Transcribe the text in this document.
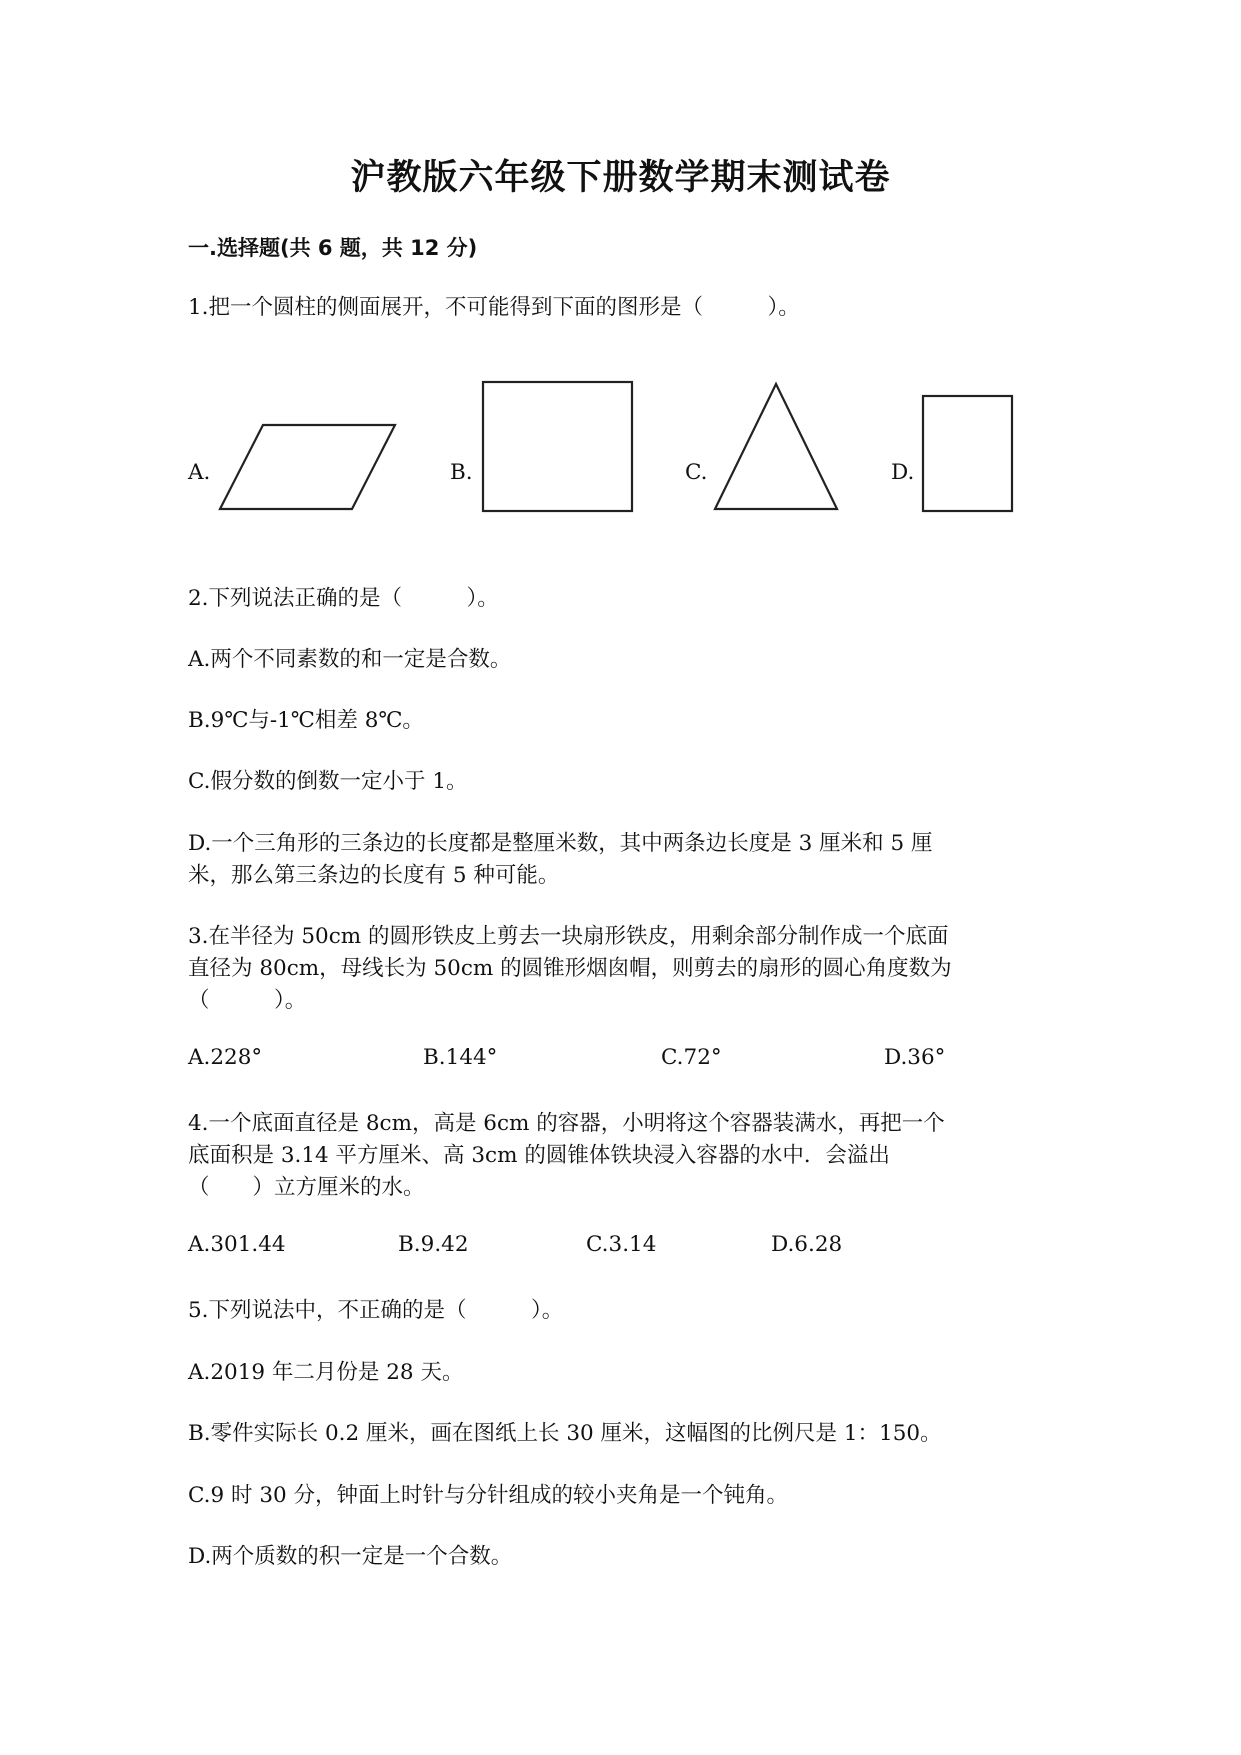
沪教版六年级下册数学期末测试卷
一.选择题(共 6 题，共 12 分)
1.把一个圆柱的侧面展开，不可能得到下面的图形是（　　　）。
A.	B.	C.	D.
2.下列说法正确的是（　　　）。
A.两个不同素数的和一定是合数。
B.9℃与-1℃相差 8℃。
C.假分数的倒数一定小于 1。
D.一个三角形的三条边的长度都是整厘米数，其中两条边长度是 3 厘米和 5 厘
米，那么第三条边的长度有 5 种可能。
3.在半径为 50cm 的圆形铁皮上剪去一块扇形铁皮，用剩余部分制作成一个底面
直径为 80cm，母线长为 50cm 的圆锥形烟囱帽，则剪去的扇形的圆心角度数为
（　　　）。
A.228°	B.144°	C.72°	D.36°
4.一个底面直径是 8cm，高是 6cm 的容器，小明将这个容器装满水，再把一个
底面积是 3.14 平方厘米、高 3cm 的圆锥体铁块浸入容器的水中．会溢出
（　　）立方厘米的水。
A.301.44	B.9.42	C.3.14	D.6.28
5.下列说法中，不正确的是（　　　）。
A.2019 年二月份是 28 天。
B.零件实际长 0.2 厘米，画在图纸上长 30 厘米，这幅图的比例尺是 1：150。
C.9 时 30 分，钟面上时针与分针组成的较小夹角是一个钝角。
D.两个质数的积一定是一个合数。
